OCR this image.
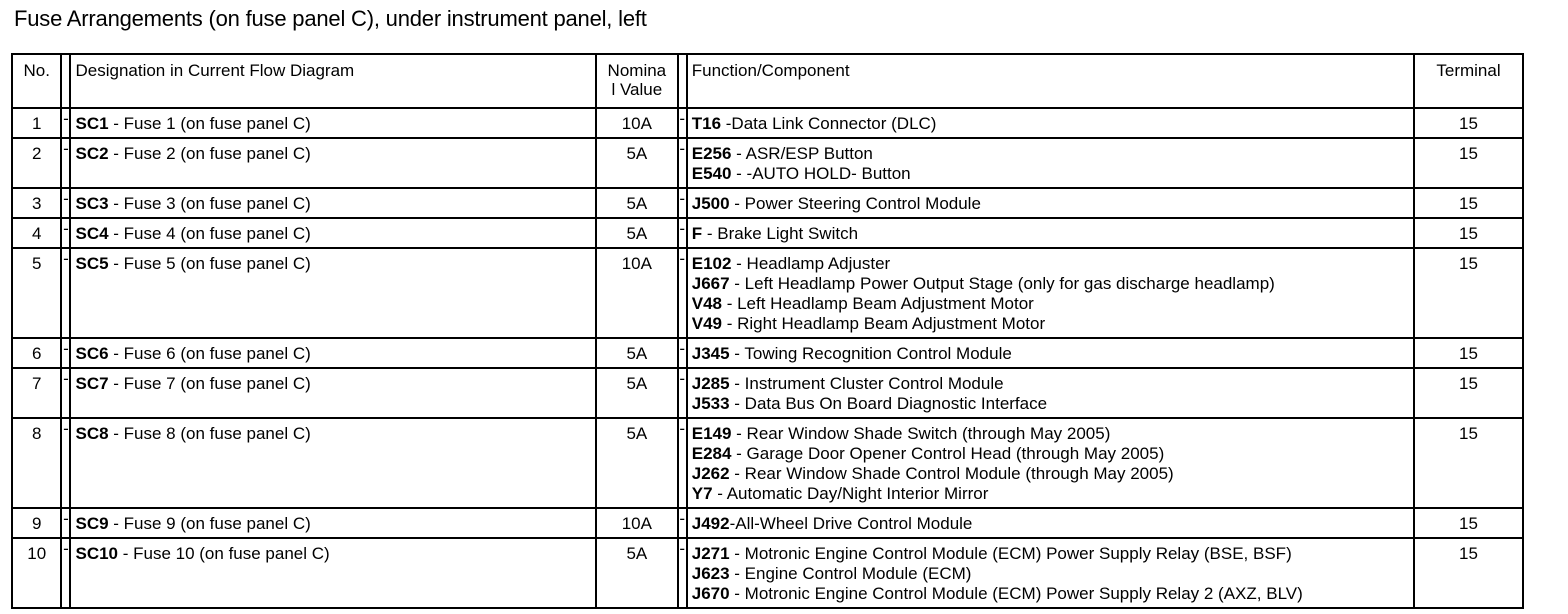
Fuse Arrangements (on fuse panel C), under instrument panel, left
No.		Designation in Current Flow Diagram	Nomina
l Value		Function/Component	Terminal
1	-	SC1 - Fuse 1 (on fuse panel C)	10A	-	T16 -Data Link Connector (DLC)	15
2	-	SC2 - Fuse 2 (on fuse panel C)	5A	-	E256 - ASR/ESP Button
E540 - -AUTO HOLD- Button	15
3	-	SC3 - Fuse 3 (on fuse panel C)	5A	-	J500 - Power Steering Control Module	15
4	-	SC4 - Fuse 4 (on fuse panel C)	5A	-	F - Brake Light Switch	15
5	-	SC5 - Fuse 5 (on fuse panel C)	10A	-	E102 - Headlamp Adjuster
J667 - Left Headlamp Power Output Stage (only for gas discharge headlamp)
V48 - Left Headlamp Beam Adjustment Motor
V49 - Right Headlamp Beam Adjustment Motor	15
6	-	SC6 - Fuse 6 (on fuse panel C)	5A	-	J345 - Towing Recognition Control Module	15
7	-	SC7 - Fuse 7 (on fuse panel C)	5A	-	J285 - Instrument Cluster Control Module
J533 - Data Bus On Board Diagnostic Interface	15
8	-	SC8 - Fuse 8 (on fuse panel C)	5A	-	E149 - Rear Window Shade Switch (through May 2005)
E284 - Garage Door Opener Control Head (through May 2005)
J262 - Rear Window Shade Control Module (through May 2005)
Y7 - Automatic Day/Night Interior Mirror	15
9	-	SC9 - Fuse 9 (on fuse panel C)	10A	-	J492-All-Wheel Drive Control Module	15
10	-	SC10 - Fuse 10 (on fuse panel C)	5A	-	J271 - Motronic Engine Control Module (ECM) Power Supply Relay (BSE, BSF)
J623 - Engine Control Module (ECM)
J670 - Motronic Engine Control Module (ECM) Power Supply Relay 2 (AXZ, BLV)	15
